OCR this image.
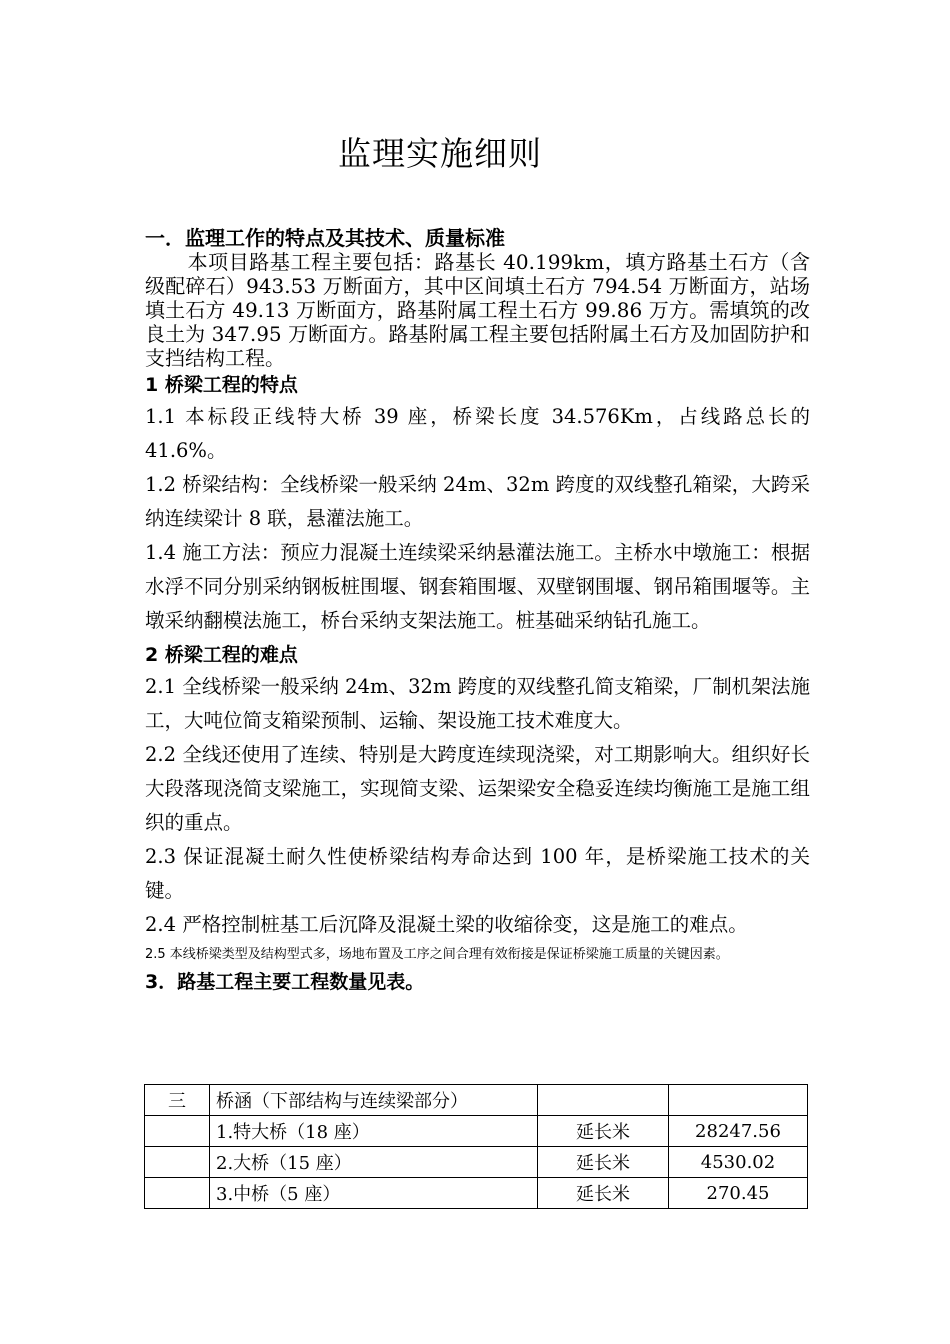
监理实施细则

一．监理工作的特点及其技术、质量标准

本项目路基工程主要包括：路基长 40.199km，填方路基土石方（含级配碎石）943.53 万断面方，其中区间填土石方 794.54 万断面方，站场填土石方 49.13 万断面方，路基附属工程土石方 99.86 万方。需填筑的改良土为 347.95 万断面方。路基附属工程主要包括附属土石方及加固防护和支挡结构工程。

1 桥梁工程的特点

1.1 本标段正线特大桥 39 座，桥梁长度 34.576Km，占线路总长的 41.6%。

1.2 桥梁结构：全线桥梁一般采纳 24m、32m 跨度的双线整孔箱梁，大跨采纳连续梁计 8 联，悬灌法施工。

1.4 施工方法：预应力混凝土连续梁采纳悬灌法施工。主桥水中墩施工：根据水浮不同分别采纳钢板桩围堰、钢套箱围堰、双壁钢围堰、钢吊箱围堰等。主墩采纳翻模法施工，桥台采纳支架法施工。桩基础采纳钻孔施工。

2 桥梁工程的难点

2.1 全线桥梁一般采纳 24m、32m 跨度的双线整孔简支箱梁，厂制机架法施工，大吨位简支箱梁预制、运输、架设施工技术难度大。

2.2 全线还使用了连续、特别是大跨度连续现浇梁，对工期影响大。组织好长大段落现浇简支梁施工，实现简支梁、运架梁安全稳妥连续均衡施工是施工组织的重点。

2.3 保证混凝土耐久性使桥梁结构寿命达到 100 年，是桥梁施工技术的关键。

2.4 严格控制桩基工后沉降及混凝土梁的收缩徐变，这是施工的难点。

2.5 本线桥梁类型及结构型式多，场地布置及工序之间合理有效衔接是保证桥梁施工质量的关键因素。

3．路基工程主要工程数量见表。

三	桥涵（下部结构与连续梁部分）		
	1.特大桥（18 座）	延长米	28247.56
	2.大桥（15 座）	延长米	4530.02
	3.中桥（5 座）	延长米	270.45
